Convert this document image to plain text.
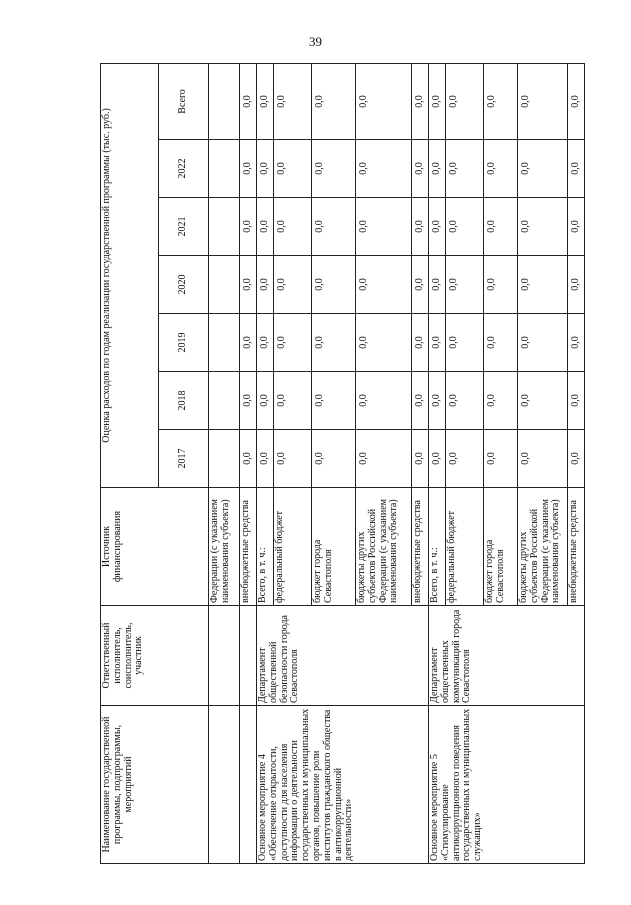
39
Наименование государственной программы, подпрограммы, мероприятий	Ответственный исполнитель, соисполнитель, участник	Источник финансирования	Оценка расходов по годам реализации государственной программы (тыс. руб.)						
			2017	2018	2019	2020	2021	2022	Всего
		Федерации (с указанием наименования субъекта)							
		внебюджетные средства	0,0	0,0	0,0	0,0	0,0	0,0	0,0
Основное мероприятие 4 «Обеспечение открытости, доступности для населения информации о деятельности государственных и муниципальных органов, повышение роли институтов гражданского общества в антикоррупционной деятельности»	Департамент общественной безопасности города Севастополя	Всего, в т. ч.:	0,0	0,0	0,0	0,0	0,0	0,0	0,0
		федеральный бюджет	0,0	0,0	0,0	0,0	0,0	0,0	0,0
		бюджет города Севастополя	0,0	0,0	0,0	0,0	0,0	0,0	0,0
		бюджеты других субъектов Российской Федерации (с указанием наименования субъекта)	0,0	0,0	0,0	0,0	0,0	0,0	0,0
		внебюджетные средства	0,0	0,0	0,0	0,0	0,0	0,0	0,0
Основное мероприятие 5 «Стимулирование антикоррупционного поведения государственных и муниципальных служащих»	Департамент общественных коммуникаций города Севастополя	Всего, в т. ч.:	0,0	0,0	0,0	0,0	0,0	0,0	0,0
		федеральный бюджет	0,0	0,0	0,0	0,0	0,0	0,0	0,0
		бюджет города Севастополя	0,0	0,0	0,0	0,0	0,0	0,0	0,0
		бюджеты других субъектов Российской Федерации (с указанием наименования субъекта)	0,0	0,0	0,0	0,0	0,0	0,0	0,0
		внебюджетные средства	0,0	0,0	0,0	0,0	0,0	0,0	0,0
